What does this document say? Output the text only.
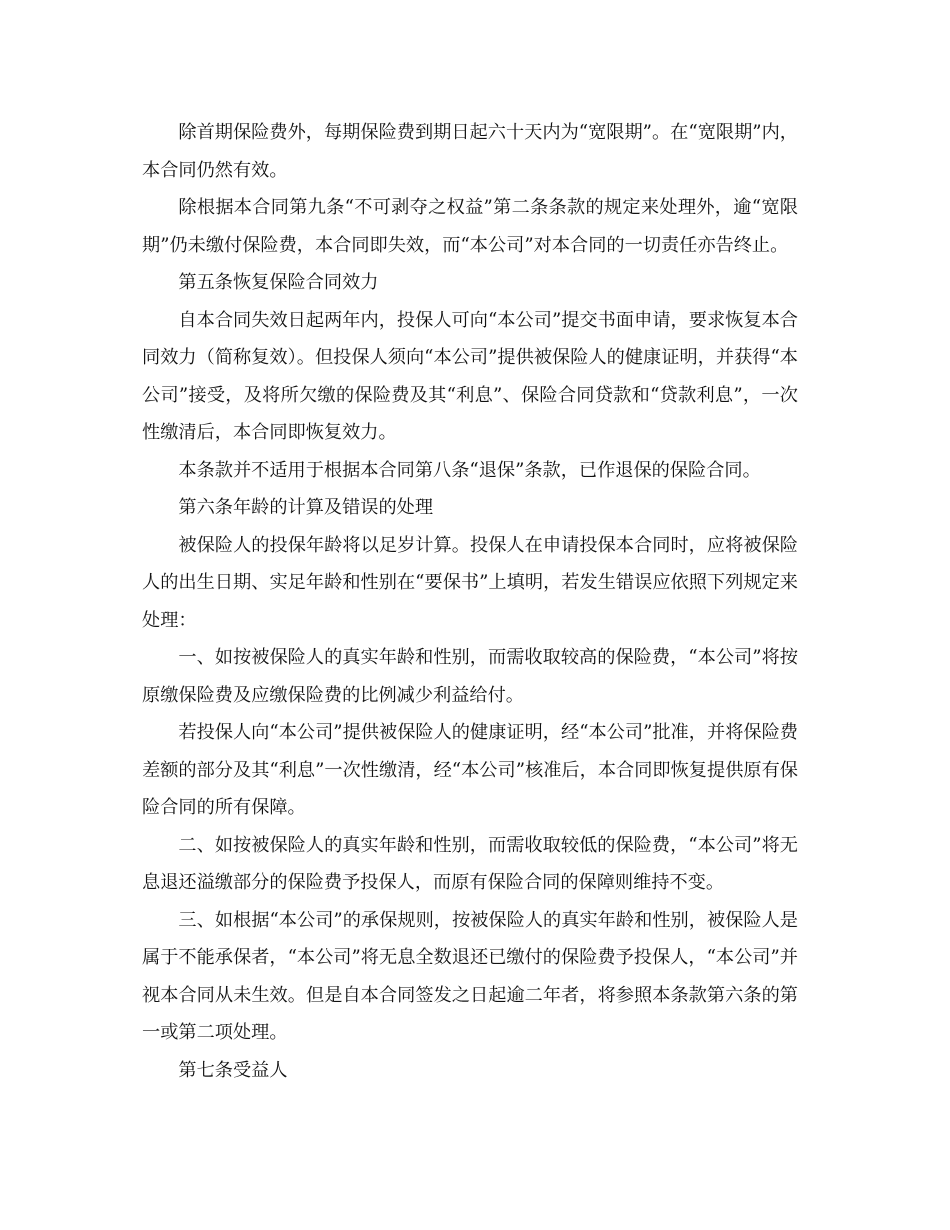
除首期保险费外，每期保险费到期日起六十天内为“宽限期”。在“宽限期”内，本合同仍然有效。

除根据本合同第九条“不可剥夺之权益”第二条条款的规定来处理外，逾“宽限期”仍未缴付保险费，本合同即失效，而“本公司”对本合同的一切责任亦告终止。

第五条恢复保险合同效力

自本合同失效日起两年内，投保人可向“本公司”提交书面申请，要求恢复本合同效力（简称复效）。但投保人须向“本公司”提供被保险人的健康证明，并获得“本公司”接受，及将所欠缴的保险费及其“利息”、保险合同贷款和“贷款利息”，一次性缴清后，本合同即恢复效力。

本条款并不适用于根据本合同第八条“退保”条款，已作退保的保险合同。

第六条年龄的计算及错误的处理

被保险人的投保年龄将以足岁计算。投保人在申请投保本合同时，应将被保险人的出生日期、实足年龄和性别在“要保书”上填明，若发生错误应依照下列规定来处理：

一、如按被保险人的真实年龄和性别，而需收取较高的保险费，“本公司”将按原缴保险费及应缴保险费的比例减少利益给付。

若投保人向“本公司”提供被保险人的健康证明，经“本公司”批准，并将保险费差额的部分及其“利息”一次性缴清，经“本公司”核准后，本合同即恢复提供原有保险合同的所有保障。

二、如按被保险人的真实年龄和性别，而需收取较低的保险费，“本公司”将无息退还溢缴部分的保险费予投保人，而原有保险合同的保障则维持不变。

三、如根据“本公司”的承保规则，按被保险人的真实年龄和性别，被保险人是属于不能承保者，“本公司”将无息全数退还已缴付的保险费予投保人，“本公司”并视本合同从未生效。但是自本合同签发之日起逾二年者，将参照本条款第六条的第一或第二项处理。

第七条受益人
